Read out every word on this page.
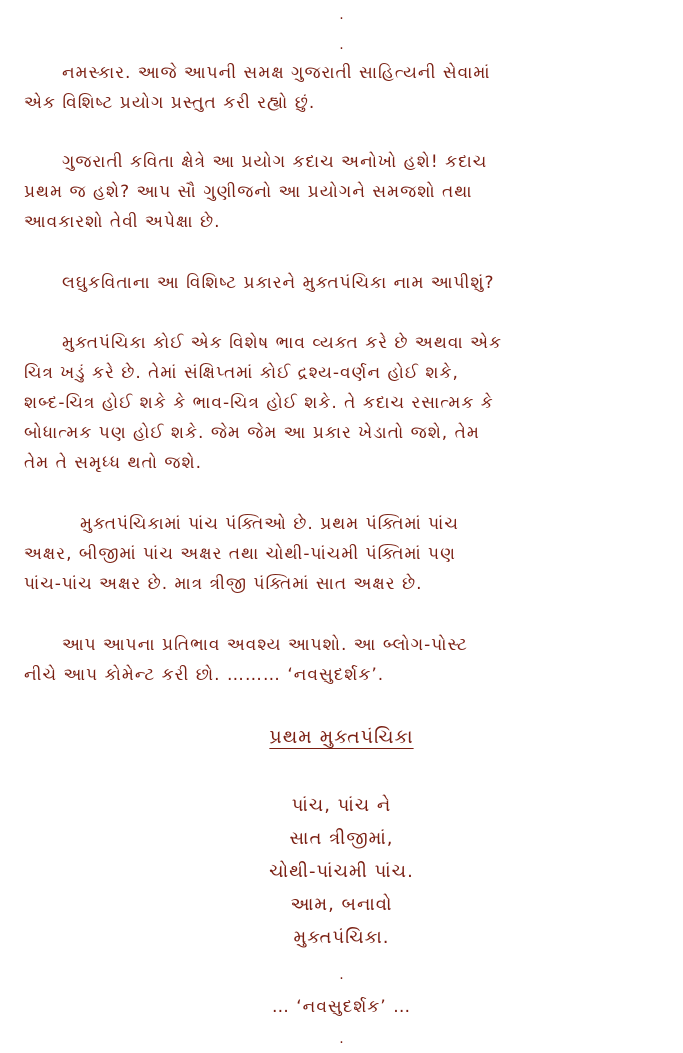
.
.
નમસ્કાર. આજે આપની સમક્ષ ગુજરાતી સાહિત્યની સેવામાં
એક વિશિષ્ટ પ્રયોગ પ્રસ્તુત કરી રહ્યો છું.
ગુજરાતી કવિતા ક્ષેત્રે આ પ્રયોગ કદાચ અનોખો હશે! કદાચ
પ્રથમ જ હશે? આપ સૌ ગુણીજનો આ પ્રયોગને સમજશો તથા
આવકારશો તેવી અપેક્ષા છે.
લઘુકવિતાના આ વિશિષ્ટ પ્રકારને મુક્તપંચિકા નામ આપીશું?
મુક્તપંચિકા કોઈ એક વિશેષ ભાવ વ્યક્ત કરે છે અથવા એક
ચિત્ર ખડું કરે છે. તેમાં સંક્ષિપ્તમાં કોઈ દ્રશ્ય-વર્ણન હોઈ શકે,
શબ્દ-ચિત્ર હોઈ શકે કે ભાવ-ચિત્ર હોઈ શકે. તે કદાચ રસાત્મક કે
બોધાત્મક પણ હોઈ શકે. જેમ જેમ આ પ્રકાર ખેડાતો જશે, તેમ
તેમ તે સમૃધ્ધ થતો જશે.
મુક્તપંચિકામાં પાંચ પંક્તિઓ છે. પ્રથમ પંક્તિમાં પાંચ
અક્ષર, બીજીમાં પાંચ અક્ષર તથા ચોથી-પાંચમી પંક્તિમાં પણ
પાંચ-પાંચ અક્ષર છે. માત્ર ત્રીજી પંક્તિમાં સાત અક્ષર છે.
આપ આપના પ્રતિભાવ અવશ્ય આપશો. આ બ્લોગ-પોસ્ટ
નીચે આપ કોમેન્ટ કરી છો. ……… ‘નવસુદર્શક’.
પ્રથમ મુક્તપંચિકા
પાંચ, પાંચ ને
સાત ત્રીજીમાં,
ચોથી-પાંચમી પાંચ.
આમ, બનાવો
મુક્તપંચિકા.
.
… ‘નવસુદર્શક’ …
.
